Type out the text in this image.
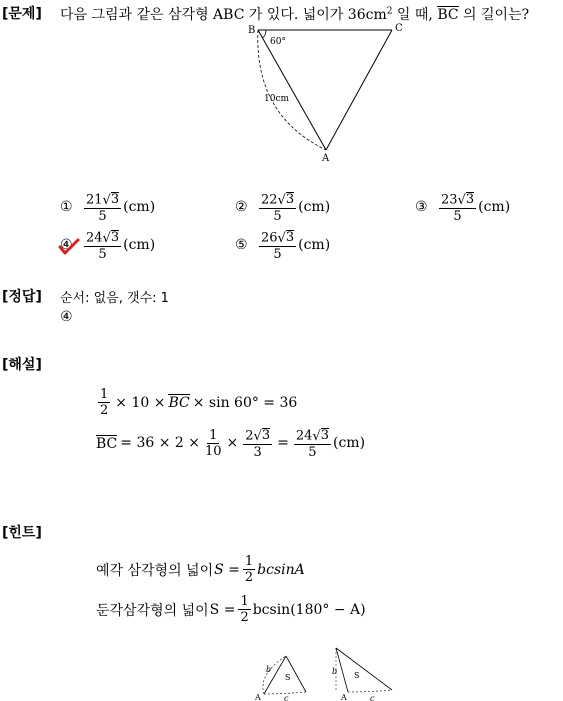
[문제] 다음 그림과 같은 삼각형 ABC 가 있다. 넓이가 $36cm^2$ 일 때, BC 의 길이는?
B	C
A
60°
10cm
① $\frac{21 √ 3}{5} (cm)$	② $\frac{22 √ 3}{5} (cm)$	③ $\frac{23 √ 3}{5} (cm)$
④ $\frac{24 √ 3}{5} (cm)$	⑤ $\frac{26 √ 3}{5} (cm)$
[정답] 순서: 없음, 갯수: 1
④
[해설]
$\frac{1}{2} \times 10$ × BC × sin 60° = 36
BC = $36 \times 2 \times \frac{1}{10} \times \frac{2 √ 3}{3} = \frac{24 √ 3}{5} (cm)$
[힌트]
예각 삼각형의 넓이 $S = \frac{1}{2}$ bcsinA
둔각삼각형의 넓이 $S = \frac{1}{2} bcsin(180^\circ - A)$
b
S
A	c
b S
A	c
